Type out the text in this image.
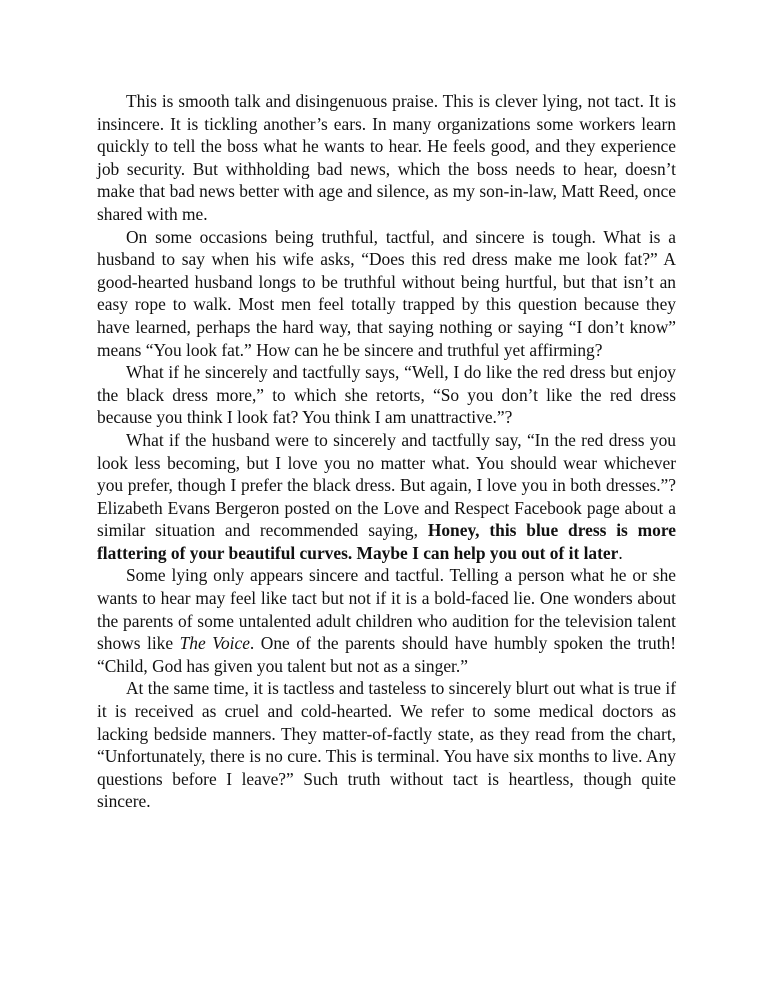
This is smooth talk and disingenuous praise. This is clever lying, not tact. It is insincere. It is tickling another’s ears. In many organizations some workers learn quickly to tell the boss what he wants to hear. He feels good, and they experience job security. But withholding bad news, which the boss needs to hear, doesn’t make that bad news better with age and silence, as my son-in-law, Matt Reed, once shared with me.

On some occasions being truthful, tactful, and sincere is tough. What is a husband to say when his wife asks, “Does this red dress make me look fat?” A good-hearted husband longs to be truthful without being hurtful, but that isn’t an easy rope to walk. Most men feel totally trapped by this question because they have learned, perhaps the hard way, that saying nothing or saying “I don’t know” means “You look fat.” How can he be sincere and truthful yet affirming?

What if he sincerely and tactfully says, “Well, I do like the red dress but enjoy the black dress more,” to which she retorts, “So you don’t like the red dress because you think I look fat? You think I am unattractive.”?

What if the husband were to sincerely and tactfully say, “In the red dress you look less becoming, but I love you no matter what. You should wear whichever you prefer, though I prefer the black dress. But again, I love you in both dresses.”? Elizabeth Evans Bergeron posted on the Love and Respect Facebook page about a similar situation and recommended saying, Honey, this blue dress is more flattering of your beautiful curves. Maybe I can help you out of it later.

Some lying only appears sincere and tactful. Telling a person what he or she wants to hear may feel like tact but not if it is a bold-faced lie. One wonders about the parents of some untalented adult children who audition for the television talent shows like The Voice. One of the parents should have humbly spoken the truth! “Child, God has given you talent but not as a singer.”

At the same time, it is tactless and tasteless to sincerely blurt out what is true if it is received as cruel and cold-hearted. We refer to some medical doctors as lacking bedside manners. They matter-of-factly state, as they read from the chart, “Unfortunately, there is no cure. This is terminal. You have six months to live. Any questions before I leave?” Such truth without tact is heartless, though quite sincere.
